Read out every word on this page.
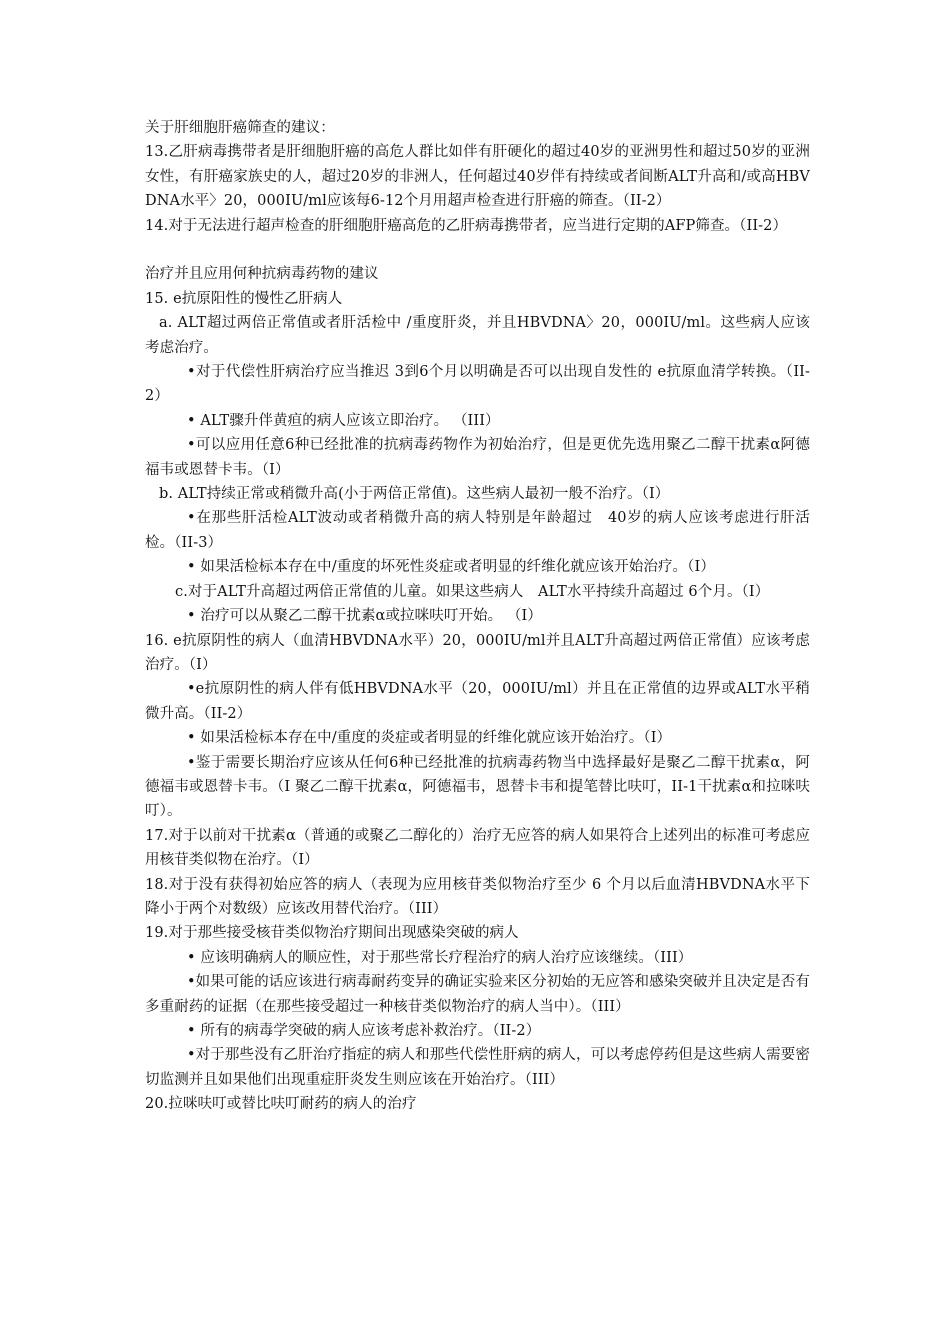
关于肝细胞肝癌筛查的建议：

13.乙肝病毒携带者是肝细胞肝癌的高危人群比如伴有肝硬化的超过40岁的亚洲男性和超过50岁的亚洲女性，有肝癌家族史的人，超过20岁的非洲人，任何超过40岁伴有持续或者间断ALT升高和/或高HBVDNA水平〉20，000IU/ml应该每6-12个月用超声检查进行肝癌的筛查。（II-2）

14.对于无法进行超声检查的肝细胞肝癌高危的乙肝病毒携带者，应当进行定期的AFP筛查。（II-2）

治疗并且应用何种抗病毒药物的建议

15. e抗原阳性的慢性乙肝病人

a. ALT超过两倍正常值或者肝活检中 /重度肝炎，并且HBVDNA〉20，000IU/ml。这些病人应该考虑治疗。

•对于代偿性肝病治疗应当推迟 3到6个月以明确是否可以出现自发性的 e抗原血清学转换。（II-2）

• ALT骤升伴黄疸的病人应该立即治疗。 （III）

•可以应用任意6种已经批准的抗病毒药物作为初始治疗，但是更优先选用聚乙二醇干扰素α阿德福韦或恩替卡韦。（I）

b. ALT持续正常或稍微升高(小于两倍正常值)。这些病人最初一般不治疗。（I）

•在那些肝活检ALT波动或者稍微升高的病人特别是年龄超过　40岁的病人应该考虑进行肝活检。（II-3）

• 如果活检标本存在中/重度的坏死性炎症或者明显的纤维化就应该开始治疗。（I）

c.对于ALT升高超过两倍正常值的儿童。如果这些病人　ALT水平持续升高超过 6个月。（I）

• 治疗可以从聚乙二醇干扰素α或拉咪呋叮开始。 （I）

16. e抗原阴性的病人（血清HBVDNA水平）20，000IU/ml并且ALT升高超过两倍正常值）应该考虑治疗。（I）

•e抗原阴性的病人伴有低HBVDNA水平（20，000IU/ml）并且在正常值的边界或ALT水平稍微升高。（II-2）

• 如果活检标本存在中/重度的炎症或者明显的纤维化就应该开始治疗。（I）

•鉴于需要长期治疗应该从任何6种已经批准的抗病毒药物当中选择最好是聚乙二醇干扰素α，阿德福韦或恩替卡韦。（I 聚乙二醇干扰素α，阿德福韦，恩替卡韦和提笔替比呋叮，II-1干扰素α和拉咪呋叮）。

17.对于以前对干扰素α（普通的或聚乙二醇化的）治疗无应答的病人如果符合上述列出的标准可考虑应用核苷类似物在治疗。（I）

18.对于没有获得初始应答的病人（表现为应用核苷类似物治疗至少 6 个月以后血清HBVDNA水平下降小于两个对数级）应该改用替代治疗。（III）

19.对于那些接受核苷类似物治疗期间出现感染突破的病人

• 应该明确病人的顺应性，对于那些常长疗程治疗的病人治疗应该继续。（III）

•如果可能的话应该进行病毒耐药变异的确证实验来区分初始的无应答和感染突破并且决定是否有多重耐药的证据（在那些接受超过一种核苷类似物治疗的病人当中）。（III）

• 所有的病毒学突破的病人应该考虑补救治疗。（II-2）

•对于那些没有乙肝治疗指症的病人和那些代偿性肝病的病人，可以考虑停药但是这些病人需要密切监测并且如果他们出现重症肝炎发生则应该在开始治疗。（III）

20.拉咪呋叮或替比呋叮耐药的病人的治疗
